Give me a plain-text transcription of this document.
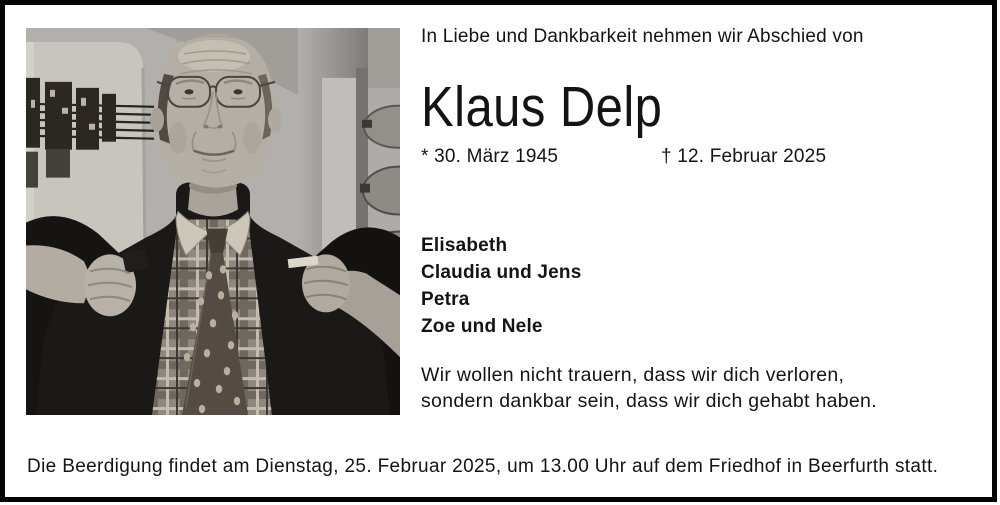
In Liebe und Dankbarkeit nehmen wir Abschied von
Klaus Delp
* 30. März 1945	† 12. Februar 2025
Elisabeth
Claudia und Jens
Petra
Zoe und Nele
Wir wollen nicht trauern, dass wir dich verloren,
sondern dankbar sein, dass wir dich gehabt haben.
Die Beerdigung findet am Dienstag, 25. Februar 2025, um 13.00 Uhr auf dem Friedhof in Beerfurth statt.
